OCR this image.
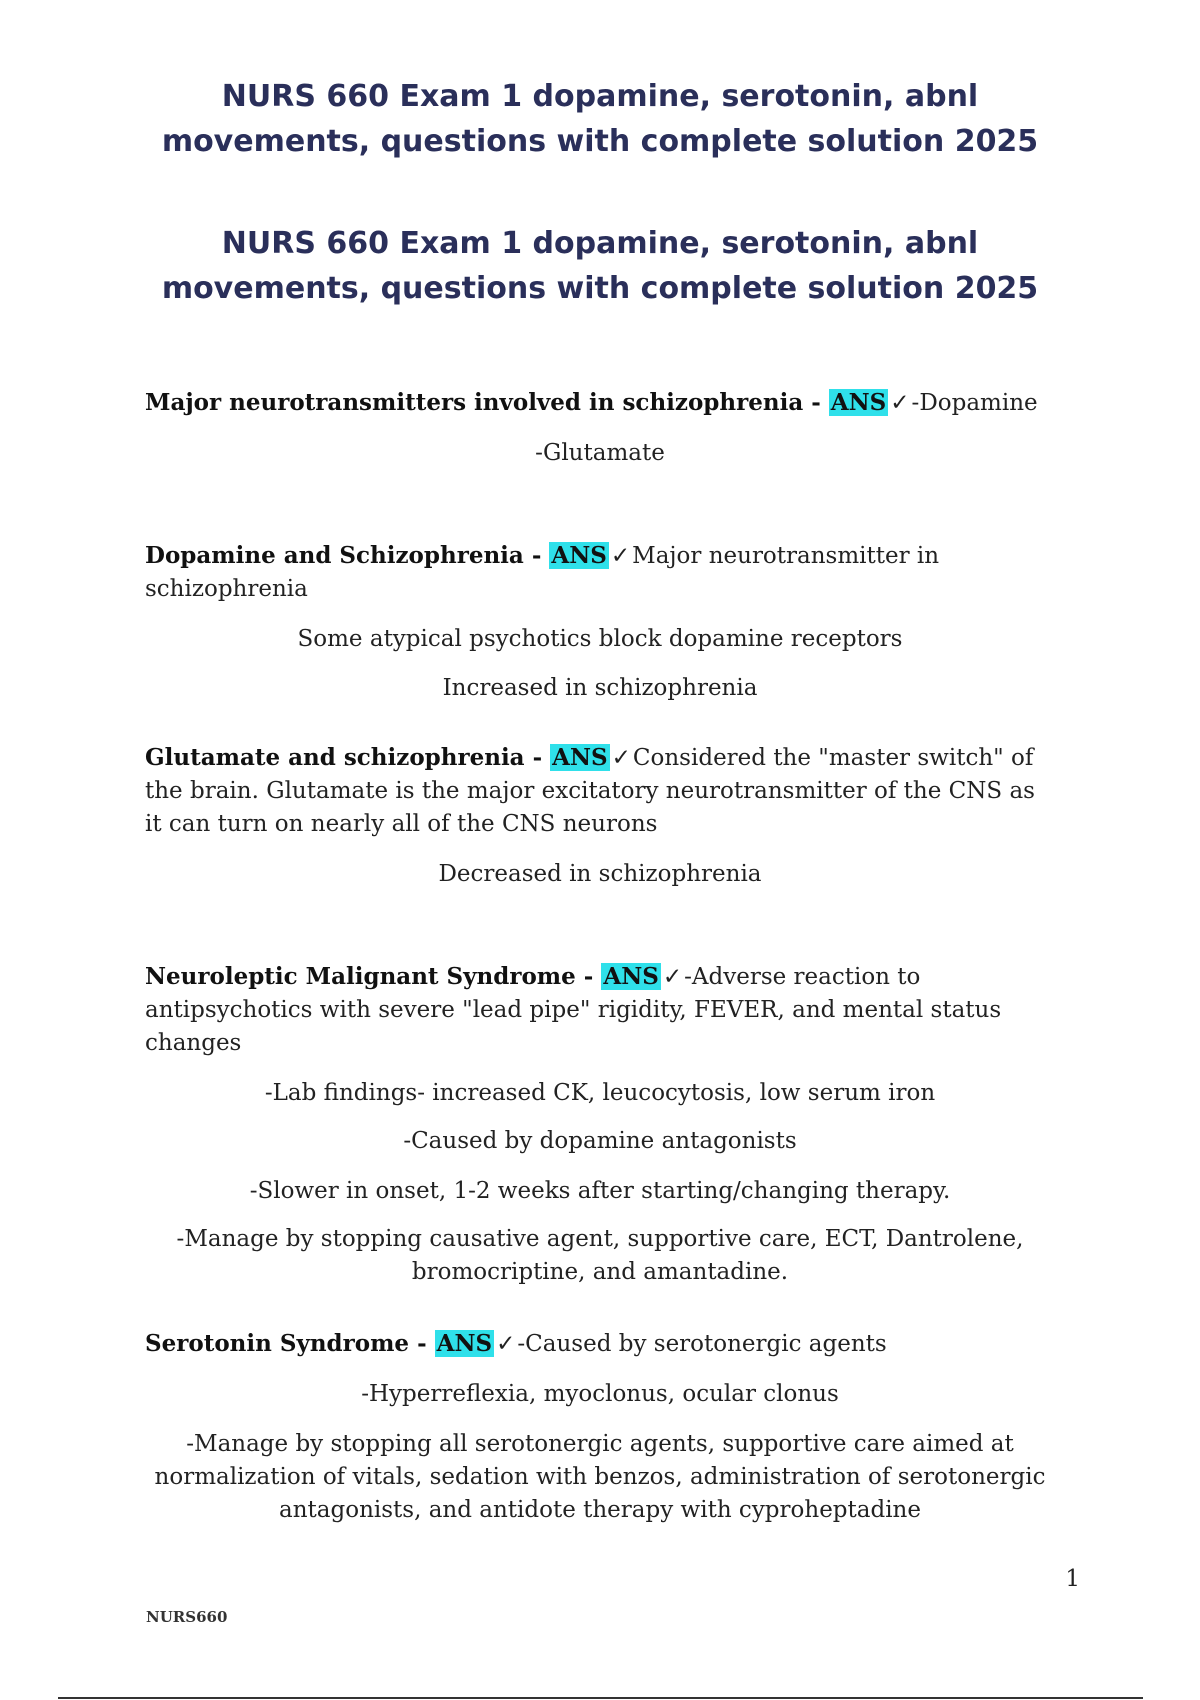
NURS 660 Exam 1 dopamine, serotonin, abnl movements, questions with complete solution 2025
NURS 660 Exam 1 dopamine, serotonin, abnl movements, questions with complete solution 2025

Major neurotransmitters involved in schizophrenia - ANS ✓-Dopamine

-Glutamate

Dopamine and Schizophrenia - ANS ✓Major neurotransmitter in schizophrenia

Some atypical psychotics block dopamine receptors

Increased in schizophrenia

Glutamate and schizophrenia - ANS ✓Considered the "master switch" of the brain. Glutamate is the major excitatory neurotransmitter of the CNS as it can turn on nearly all of the CNS neurons

Decreased in schizophrenia

Neuroleptic Malignant Syndrome - ANS ✓-Adverse reaction to antipsychotics with severe "lead pipe" rigidity, FEVER, and mental status changes

-Lab findings- increased CK, leucocytosis, low serum iron

-Caused by dopamine antagonists

-Slower in onset, 1-2 weeks after starting/changing therapy.

-Manage by stopping causative agent, supportive care, ECT, Dantrolene, bromocriptine, and amantadine.

Serotonin Syndrome - ANS ✓-Caused by serotonergic agents

-Hyperreflexia, myoclonus, ocular clonus

-Manage by stopping all serotonergic agents, supportive care aimed at normalization of vitals, sedation with benzos, administration of serotonergic antagonists, and antidote therapy with cyproheptadine

1
NURS660
